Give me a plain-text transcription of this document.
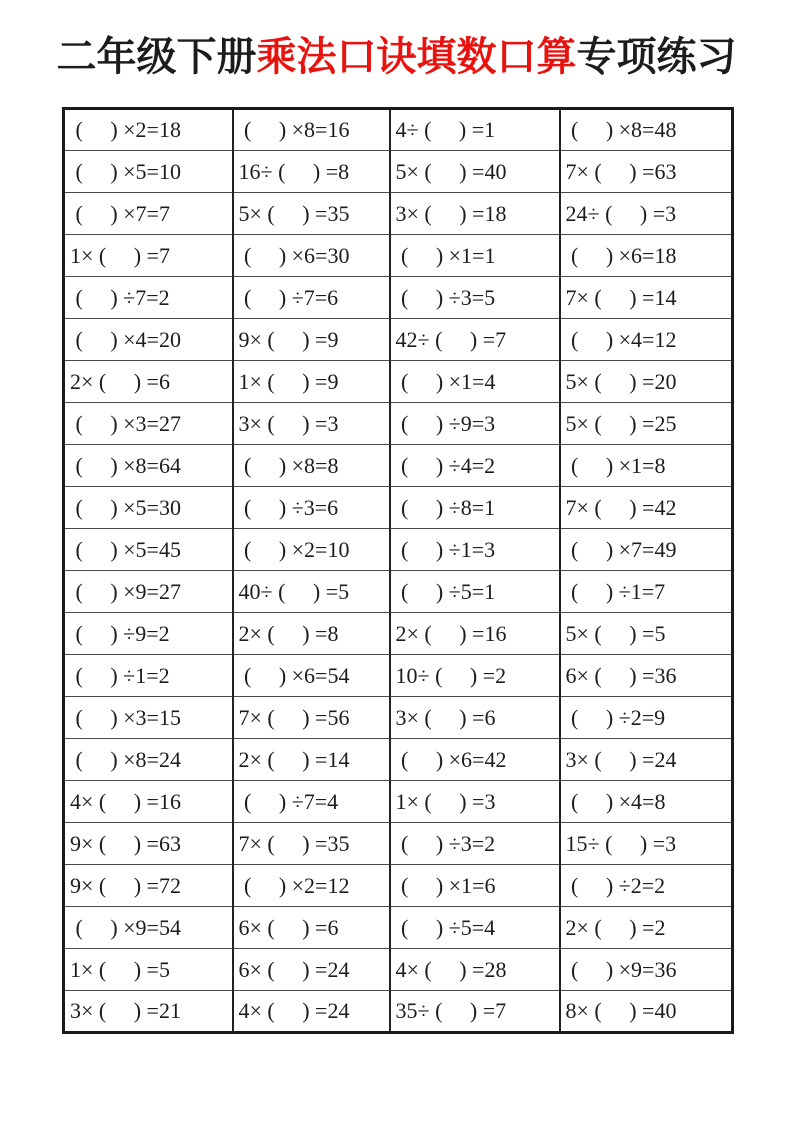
二年级下册乘法口诀填数口算专项练习
(     ) ×2=18	(     ) ×8=16	4÷ (     ) =1	(     ) ×8=48
(     ) ×5=10	16÷ (     ) =8	5× (     ) =40	7× (     ) =63
(     ) ×7=7	5× (     ) =35	3× (     ) =18	24÷ (     ) =3
1× (     ) =7	(     ) ×6=30	(     ) ×1=1	(     ) ×6=18
(     ) ÷7=2	(     ) ÷7=6	(     ) ÷3=5	7× (     ) =14
(     ) ×4=20	9× (     ) =9	42÷ (     ) =7	(     ) ×4=12
2× (     ) =6	1× (     ) =9	(     ) ×1=4	5× (     ) =20
(     ) ×3=27	3× (     ) =3	(     ) ÷9=3	5× (     ) =25
(     ) ×8=64	(     ) ×8=8	(     ) ÷4=2	(     ) ×1=8
(     ) ×5=30	(     ) ÷3=6	(     ) ÷8=1	7× (     ) =42
(     ) ×5=45	(     ) ×2=10	(     ) ÷1=3	(     ) ×7=49
(     ) ×9=27	40÷ (     ) =5	(     ) ÷5=1	(     ) ÷1=7
(     ) ÷9=2	2× (     ) =8	2× (     ) =16	5× (     ) =5
(     ) ÷1=2	(     ) ×6=54	10÷ (     ) =2	6× (     ) =36
(     ) ×3=15	7× (     ) =56	3× (     ) =6	(     ) ÷2=9
(     ) ×8=24	2× (     ) =14	(     ) ×6=42	3× (     ) =24
4× (     ) =16	(     ) ÷7=4	1× (     ) =3	(     ) ×4=8
9× (     ) =63	7× (     ) =35	(     ) ÷3=2	15÷ (     ) =3
9× (     ) =72	(     ) ×2=12	(     ) ×1=6	(     ) ÷2=2
(     ) ×9=54	6× (     ) =6	(     ) ÷5=4	2× (     ) =2
1× (     ) =5	6× (     ) =24	4× (     ) =28	(     ) ×9=36
3× (     ) =21	4× (     ) =24	35÷ (     ) =7	8× (     ) =40
